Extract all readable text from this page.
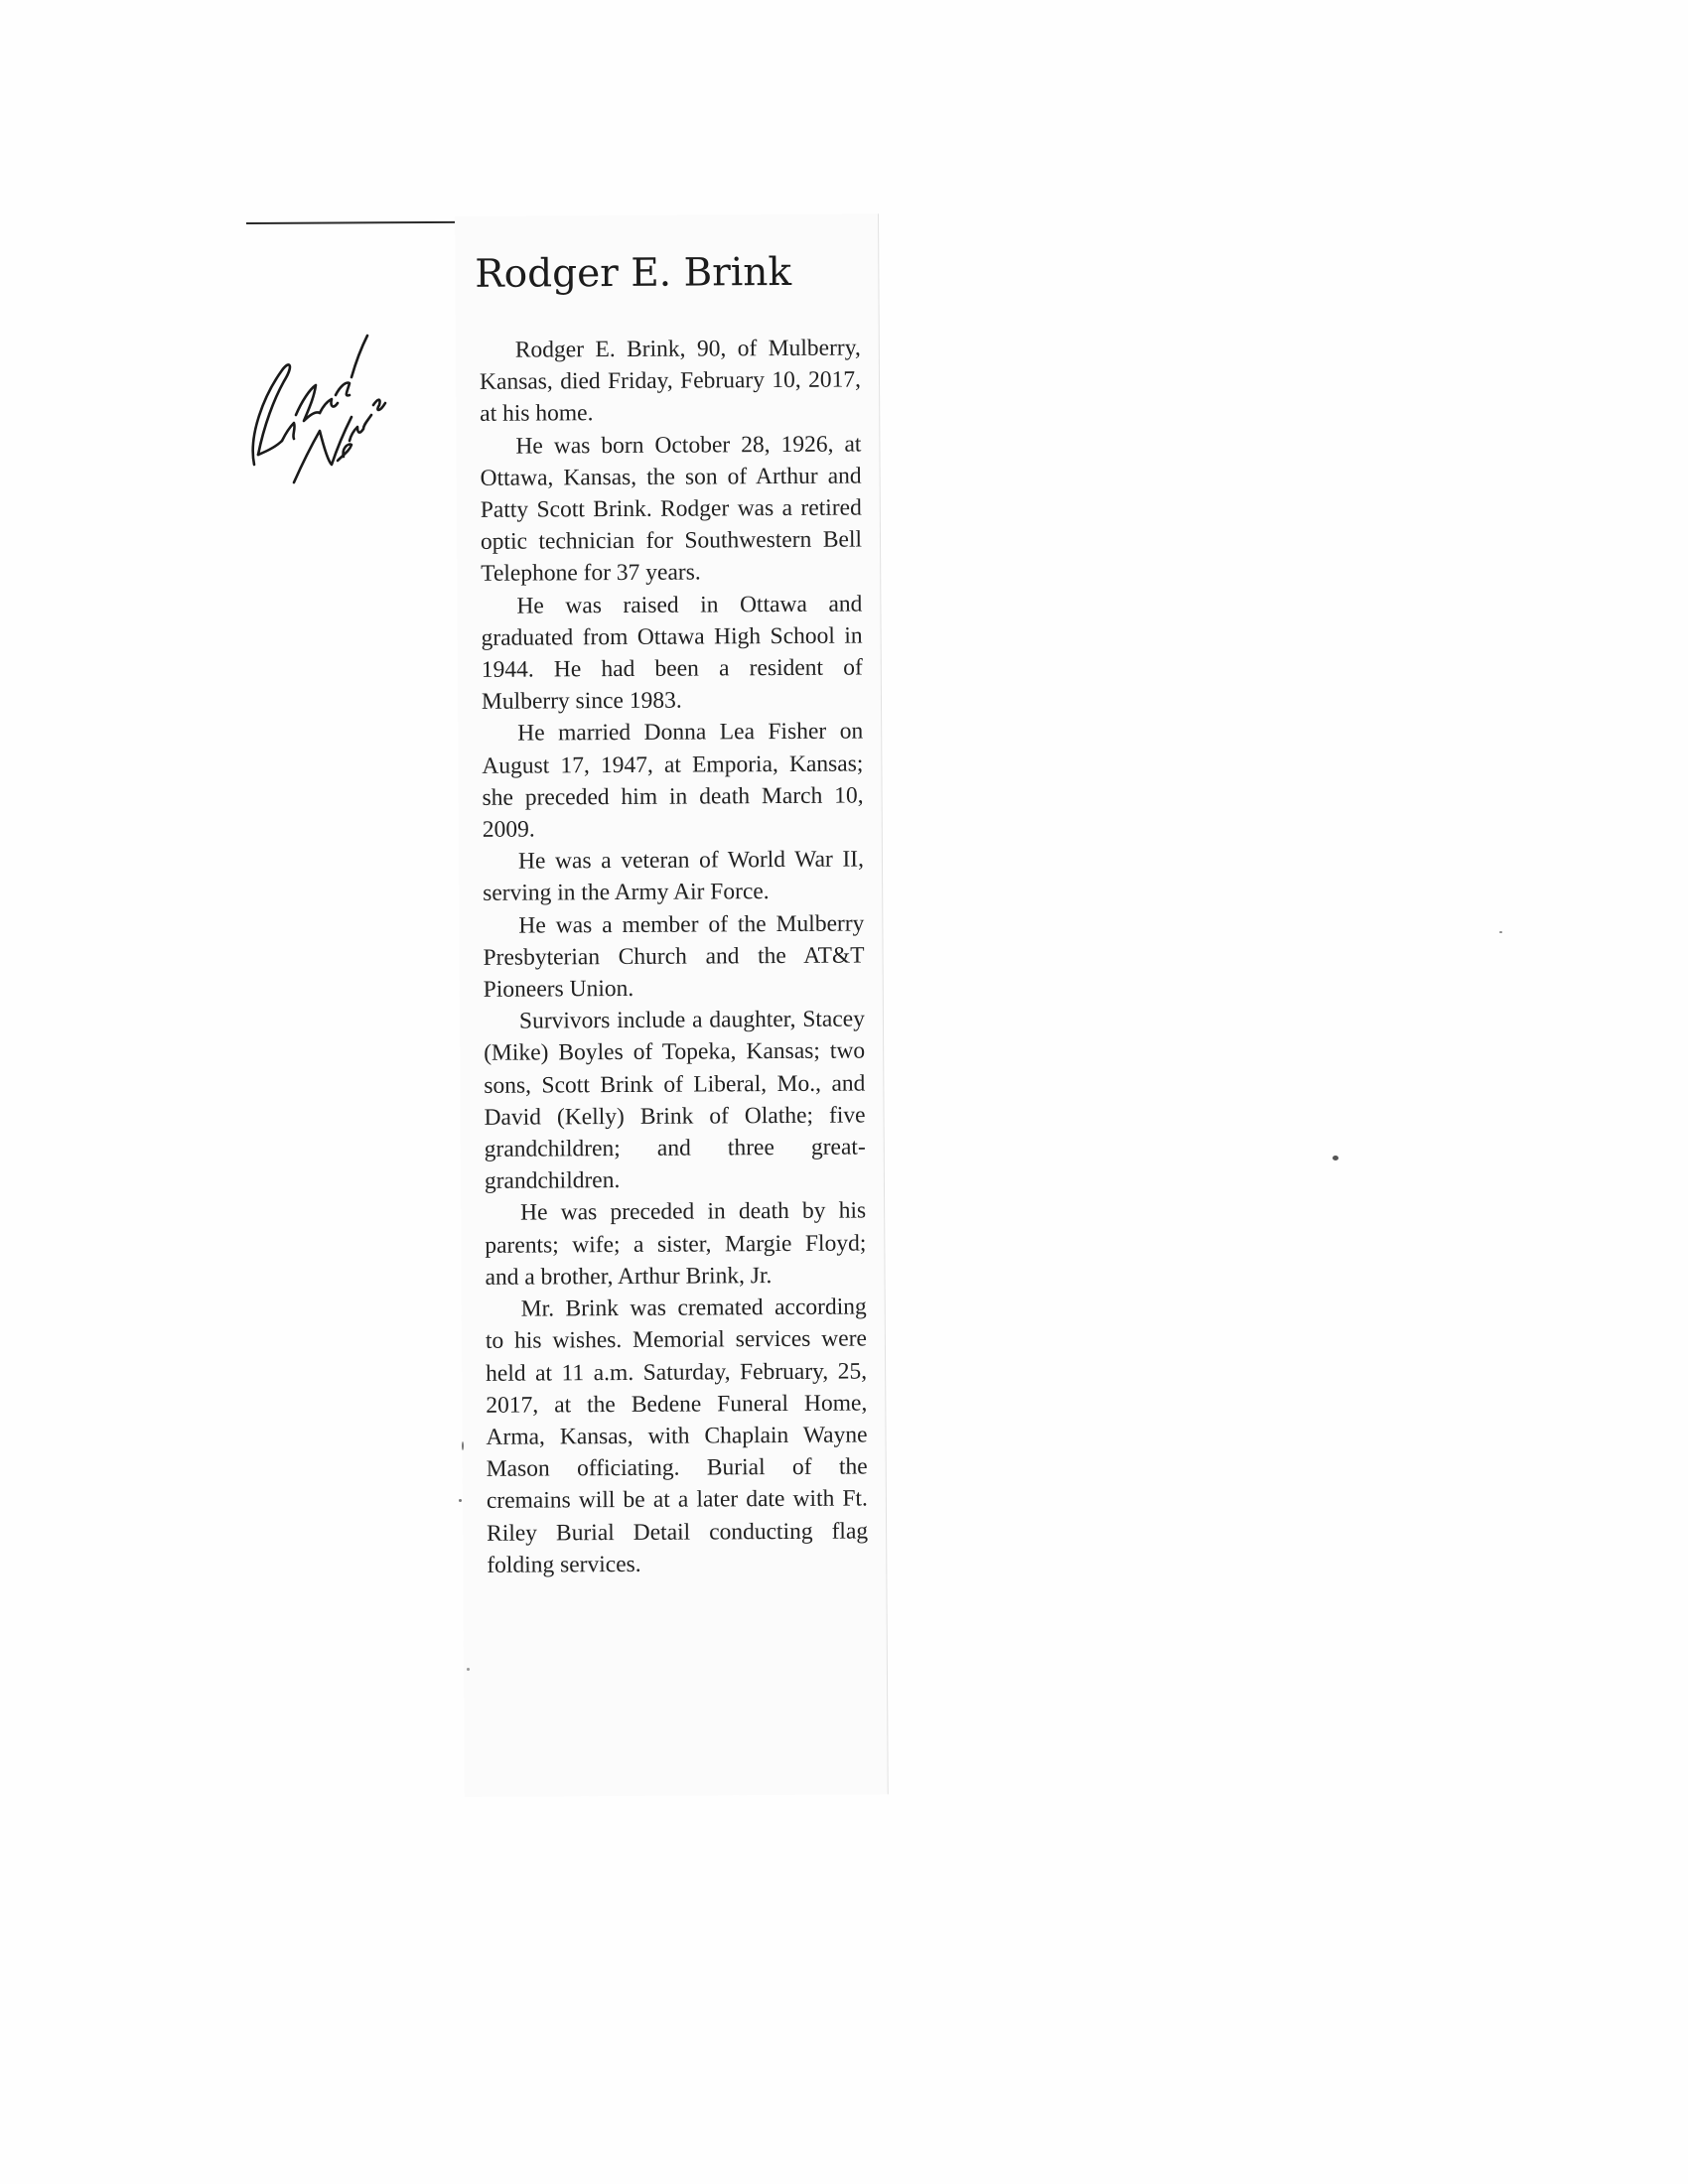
Rodger E. Brink

Rodger E. Brink, 90, of Mulberry, Kansas, died Friday, February 10, 2017, at his home.

He was born October 28, 1926, at Ottawa, Kansas, the son of Arthur and Patty Scott Brink. Rodger was a retired optic technician for Southwestern Bell Telephone for 37 years.

He was raised in Ottawa and graduated from Ottawa High School in 1944. He had been a resident of Mulberry since 1983.

He married Donna Lea Fisher on August 17, 1947, at Emporia, Kansas; she preceded him in death March 10, 2009.

He was a veteran of World War II, serving in the Army Air Force.

He was a member of the Mulberry Presbyterian Church and the AT&T Pioneers Union.

Survivors include a daughter, Stacey (Mike) Boyles of Topeka, Kansas; two sons, Scott Brink of Liberal, Mo., and David (Kelly) Brink of Olathe; five grandchildren; and three great-grandchildren.

He was preceded in death by his parents; wife; a sister, Margie Floyd; and a brother, Arthur Brink, Jr.

Mr. Brink was cremated according to his wishes. Memorial services were held at 11 a.m. Saturday, February, 25, 2017, at the Bedene Funeral Home, Arma, Kansas, with Chaplain Wayne Mason officiating. Burial of the cremains will be at a later date with Ft. Riley Burial Detail conducting flag folding services.
